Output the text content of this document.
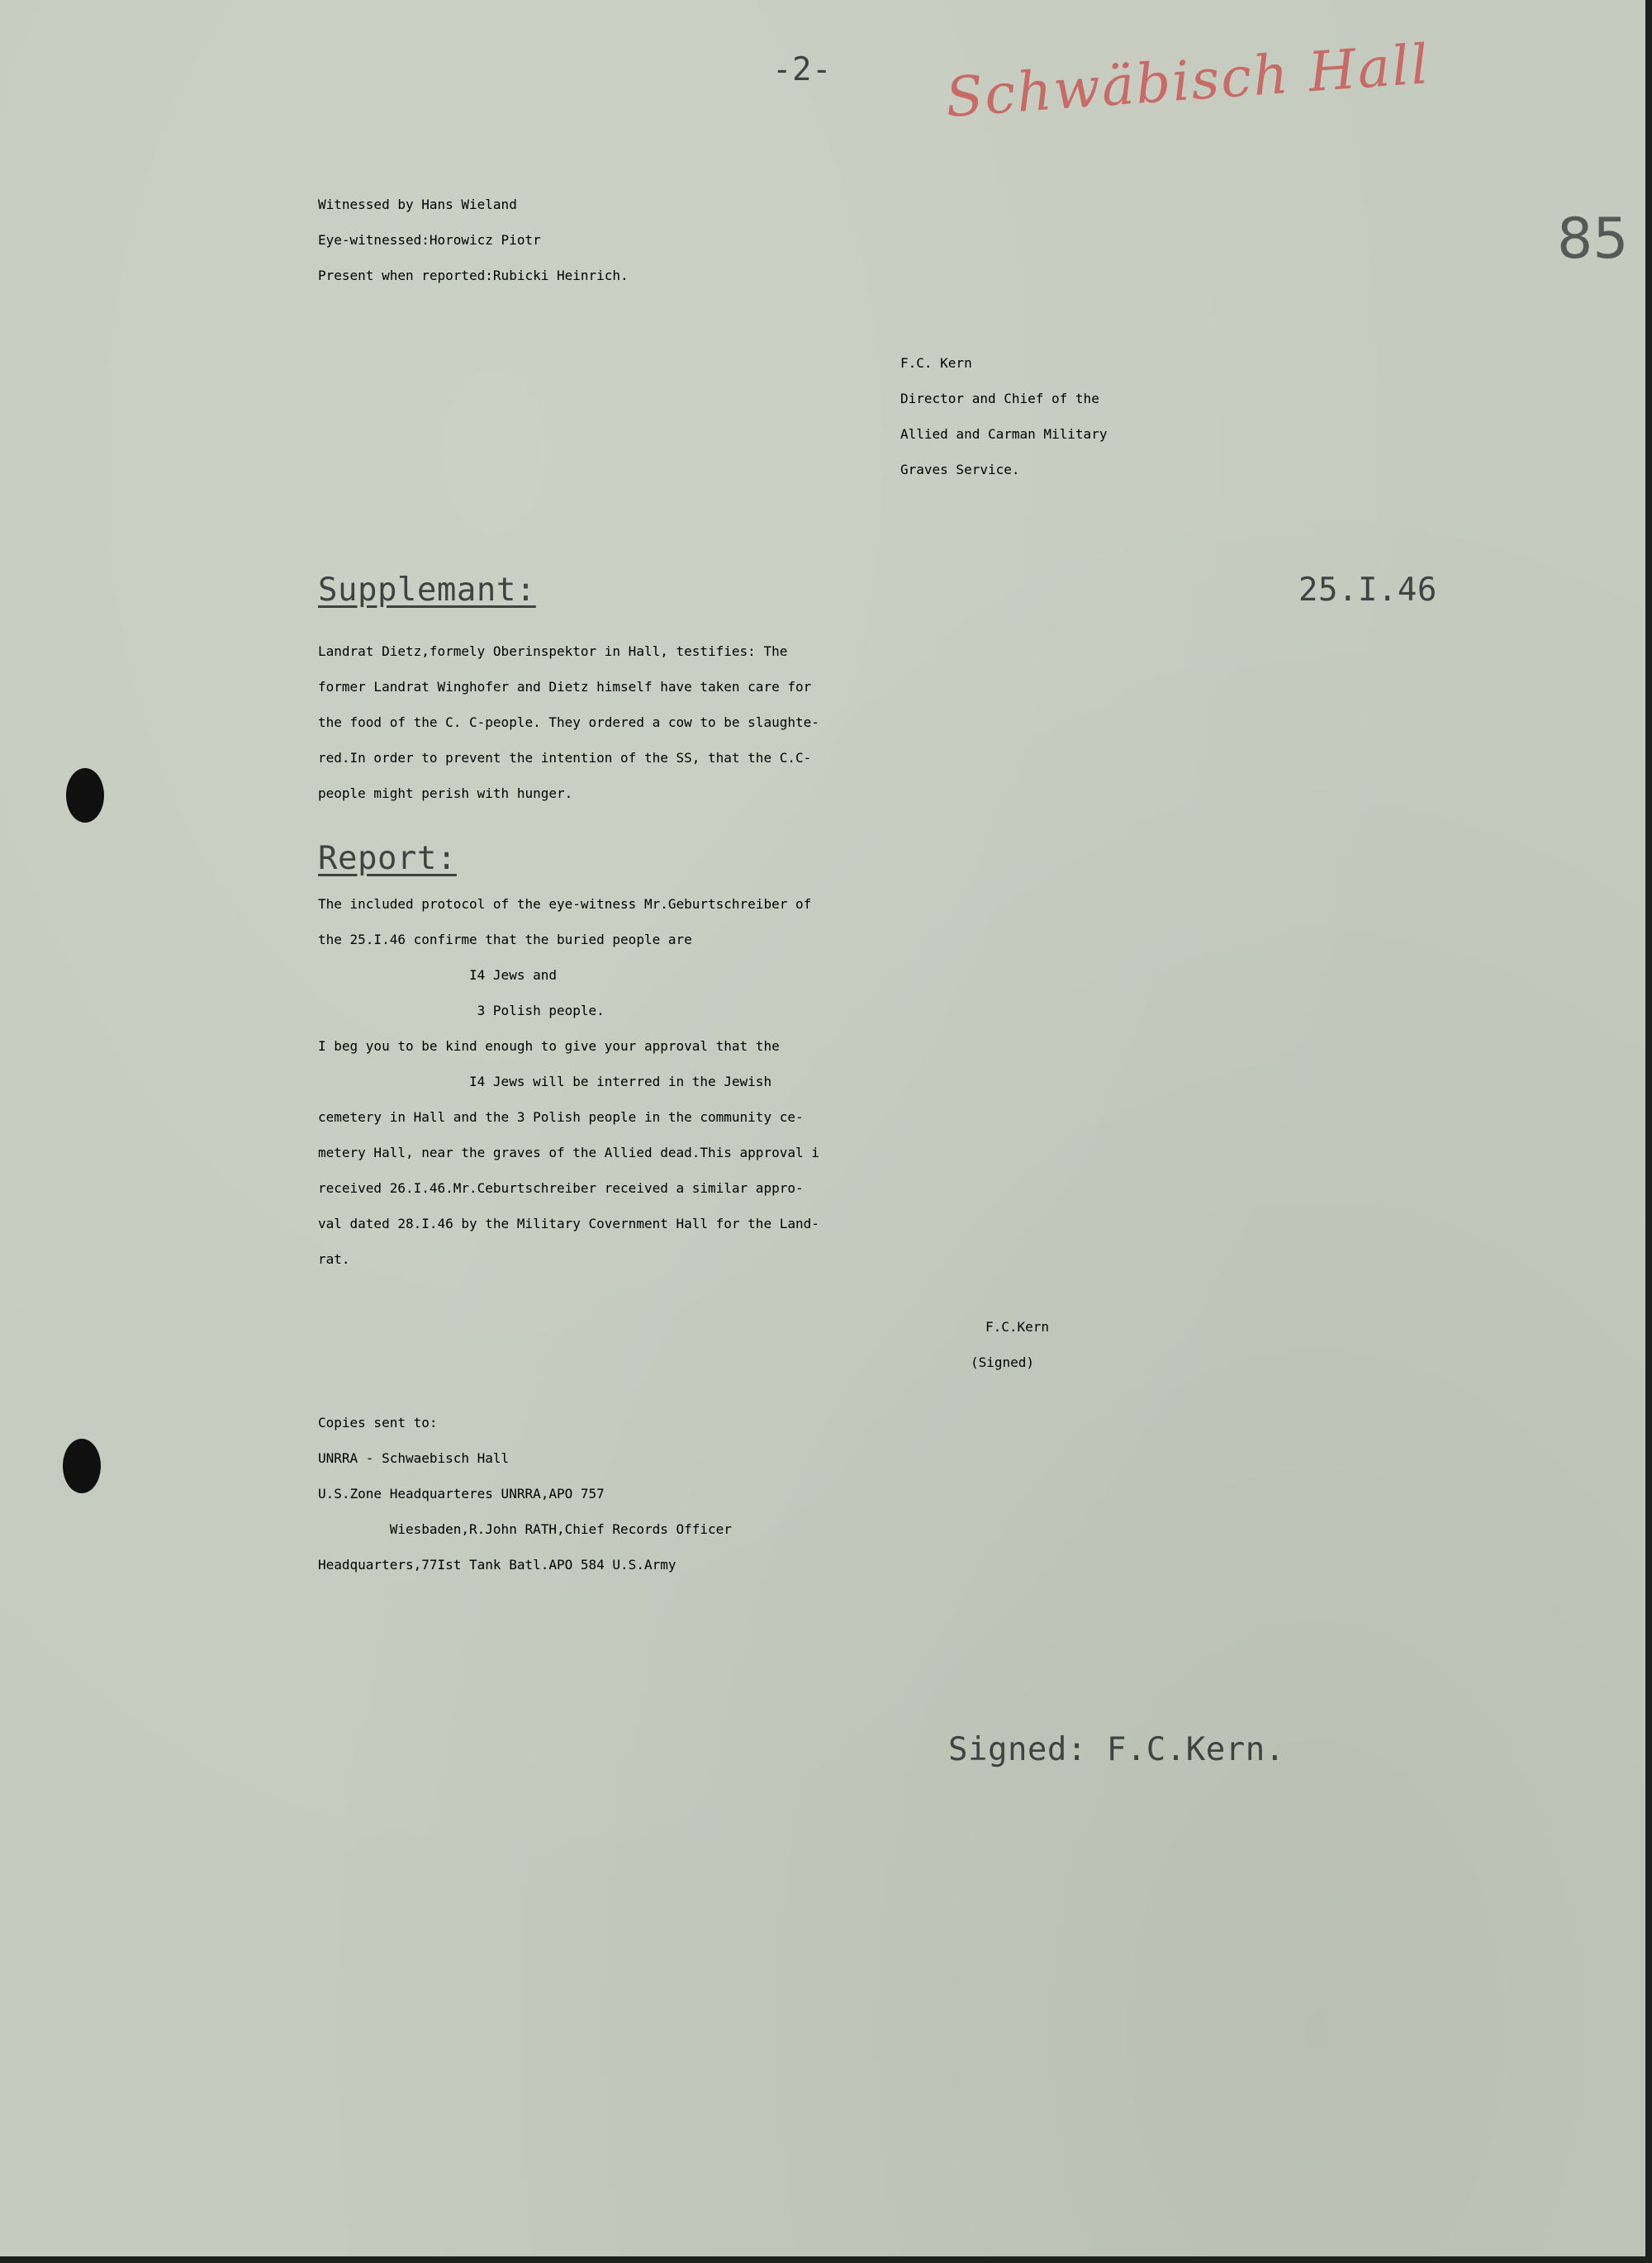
-2- Schwäbisch Hall
85
Witnessed by Hans Wieland
Eye-witnessed:Horowicz Piotr
Present when reported:Rubicki Heinrich.
F.C. Kern
Director and Chief of the
Allied and Carman Military
Graves Service.
Supplemant:	25.I.46
Landrat Dietz,formely Oberinspektor in Hall, testifies: The
former Landrat Winghofer and Dietz himself have taken care for
the food of the C. C-people. They ordered a cow to be slaughte-
red.In order to prevent the intention of the SS, that the C.C-
people might perish with hunger.
Report:
The included protocol of the eye-witness Mr.Geburtschreiber of
the 25.I.46 confirme that the buried people are
I4 Jews and
3 Polish people.
I beg you to be kind enough to give your approval that the
I4 Jews will be interred in the Jewish
cemetery in Hall and the 3 Polish people in the community ce-
metery Hall, near the graves of the Allied dead.This approval i
received 26.I.46.Mr.Ceburtschreiber received a similar appro-
val dated 28.I.46 by the Military Covernment Hall for the Land-
rat.
F.C.Kern
(Signed)
Copies sent to:
UNRRA - Schwaebisch Hall
U.S.Zone Headquarteres UNRRA,APO 757
Wiesbaden,R.John RATH,Chief Records Officer
Headquarters,77Ist Tank Batl.APO 584 U.S.Army
Signed: F.C.Kern.
